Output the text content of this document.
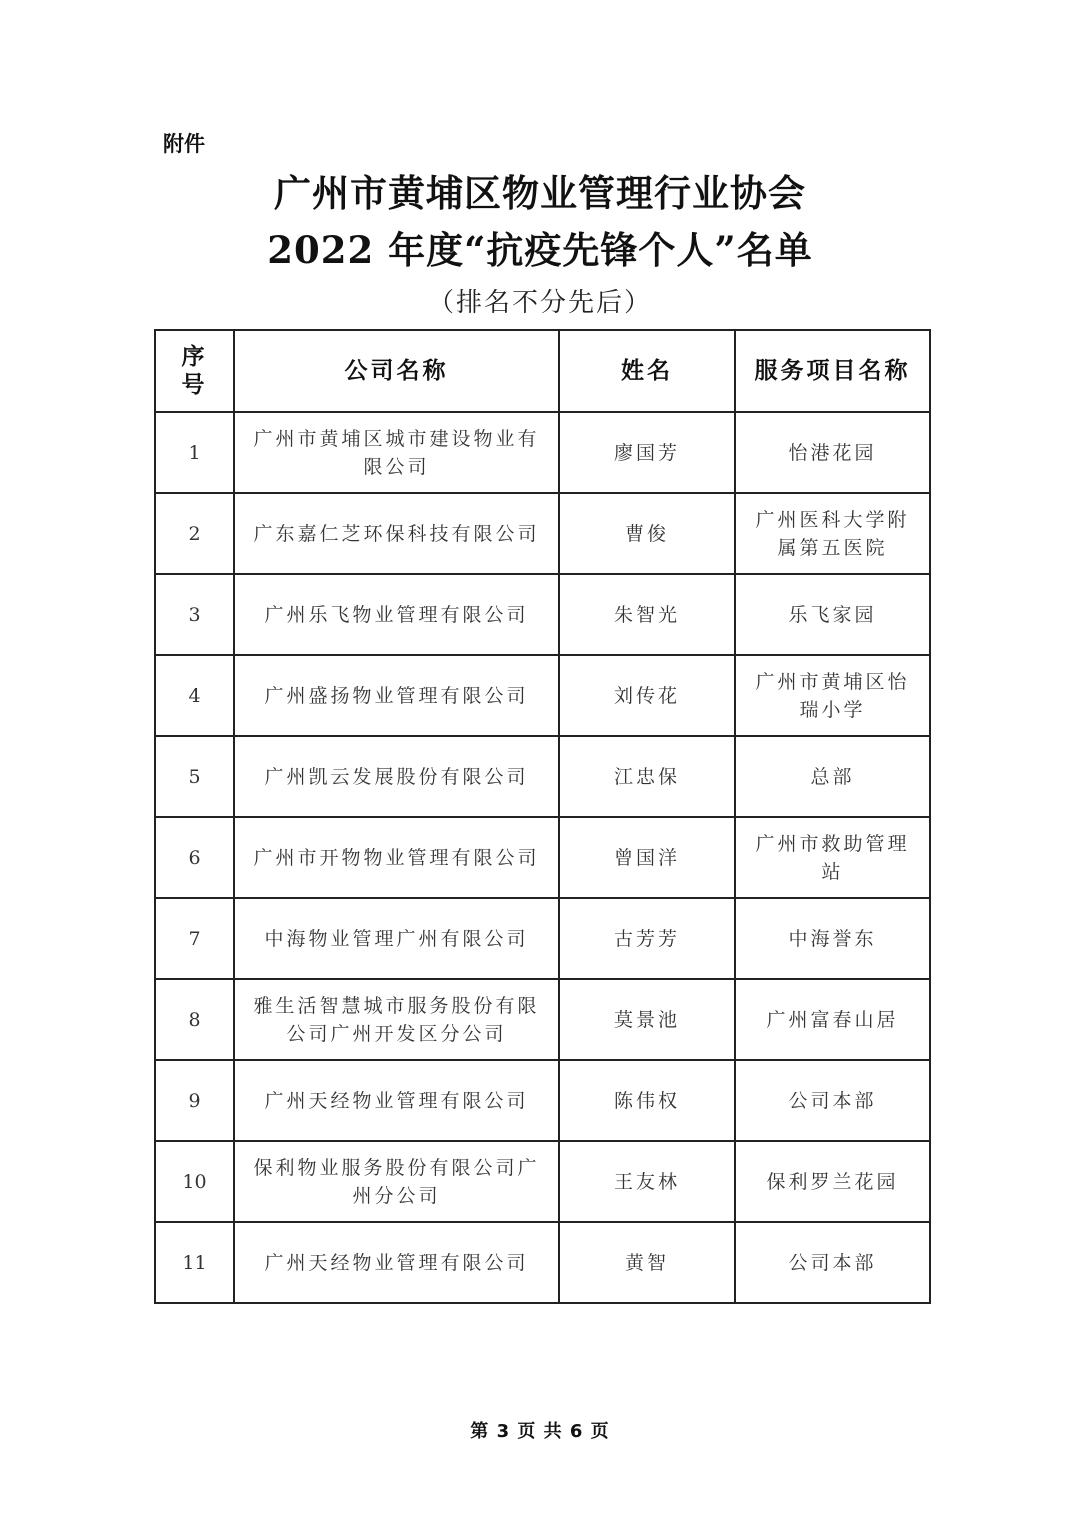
附件
广州市黄埔区物业管理行业协会
2022 年度“抗疫先锋个人”名单
（排名不分先后）
序号	公司名称	姓名	服务项目名称
1	广州市黄埔区城市建设物业有限公司	廖国芳	怡港花园
2	广东嘉仁芝环保科技有限公司	曹俊	广州医科大学附属第五医院
3	广州乐飞物业管理有限公司	朱智光	乐飞家园
4	广州盛扬物业管理有限公司	刘传花	广州市黄埔区怡瑞小学
5	广州凯云发展股份有限公司	江忠保	总部
6	广州市开物物业管理有限公司	曾国洋	广州市救助管理站
7	中海物业管理广州有限公司	古芳芳	中海誉东
8	雅生活智慧城市服务股份有限公司广州开发区分公司	莫景池	广州富春山居
9	广州天经物业管理有限公司	陈伟权	公司本部
10	保利物业服务股份有限公司广州分公司	王友林	保利罗兰花园
11	广州天经物业管理有限公司	黄智	公司本部
第 3 页 共 6 页
